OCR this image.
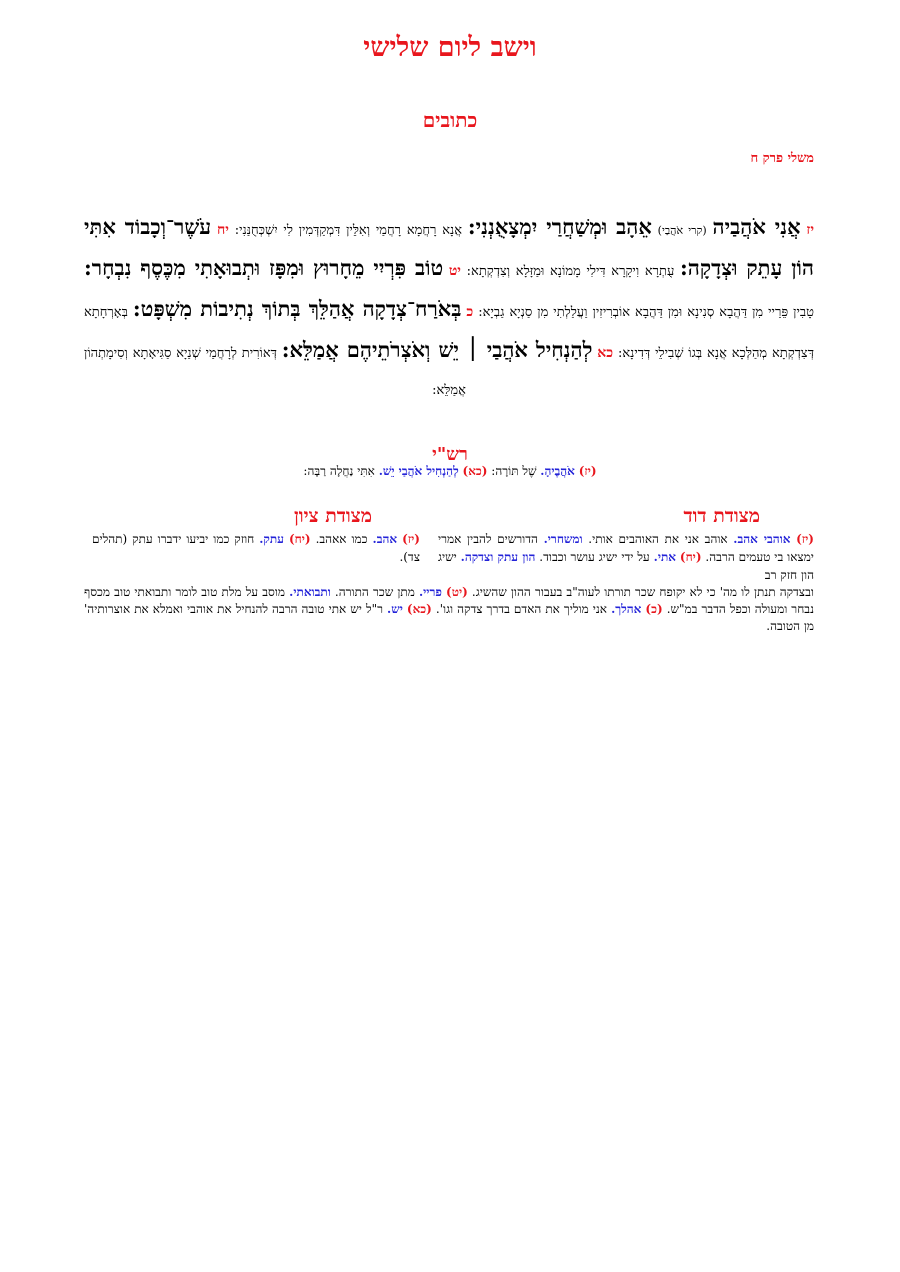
וישב ליום שלישי
כתובים
משלי פרק ח
יז אֲנִי אֹהֲבַיה (קרי אֹהֲבַי) אֵהָב וּמְשַׁחֲרַי יִמְצָאֻנְנִי: אֲנָא רָחֲמָא רָחֲמַי וְאִלֵּין דִּמְקַדְּמִין לִי יִשְׁכְּחֻנַּנִי: יח עֹשֶׁר־וְכָבוֹד אִתִּי הוֹן עָתֵק וּצְדָקָה: עֻתְרָא וִיקָרָא דִּילִי מָמוֹנָא וּמַזָּלָא וְצִדְקְתָא: יט טוֹב פִּרְיִי מֵחָרוּץ וּמִפָּז וּתְבוּאָתִי מִכֶּסֶף נִבְחָר: טָבִין פֵּרַיי מִן דַּהֲבָא סְנִינָא וּמִן דַּהֲבָא אוֹבְרִיזִין וַעֲלַלְתִי מִן סַנְיָא גַבְיָא: כ בְּאֹרַח־צְדָקָה אֲהַלֵּךְ בְּתוֹךְ נְתִיבוֹת מִשְׁפָּט: בְּאָרְחָתָא דְּצִדְקְתָא מְהַלְּכָא אֲנָא בְּגוֹ שְׁבִילֵי דְּדִינָא: כא לְהַנְחִיל אֹהֲבַי ׀ יֵשׁ וְאֹצְרֹתֵיהֶם אֲמַלֵּא: דְּאוֹרִית לְרָחֲמַי שְׁנַיָא סַגִּיאָתָא וְסִימָתְהוֹן אֲמַלֵּא:
רש"י
(יז) אֹהֲבֶיהָ. שֶׁל תּוֹרָה: (כא) לְהַנְחִיל אֹהֲבַי יֵשׁ. אִתִּי נַחֲלָה רַבָּה:
מצודת דוד
מצודת ציון
(יז) אוהבי אהב. אוהב אני את האוהבים אותי. ומשחרי. הדורשים להבין אמרי ימצאו בי טעמים הרבה. (יח) אתי. על ידי ישיג עושר וכבוד. הון עתק וצדקה. ישיג הון חזק רב
(יז) אהב. כמו אאהב. (יח) עתק. חוזק כמו יביעו ידברו עתק (תהלים צד).
ובצדקה תנתן לו מה' כי לא יקופח שכר תורתו לעוה"ב בעבור ההון שהשיג. (יט) פריי. מתן שכר התורה. ותבואתי. מוסב על מלת טוב לומר ותבואתי טוב מכסף נבחר ומעולה וכפל הדבר במ"ש. (כ) אהלך. אני מוליך את האדם בדרך צדקה וגו'. (כא) יש. ר"ל יש אתי טובה הרבה להנחיל את אוהבי ואמלא את אוצרותיה' מן הטובה.
